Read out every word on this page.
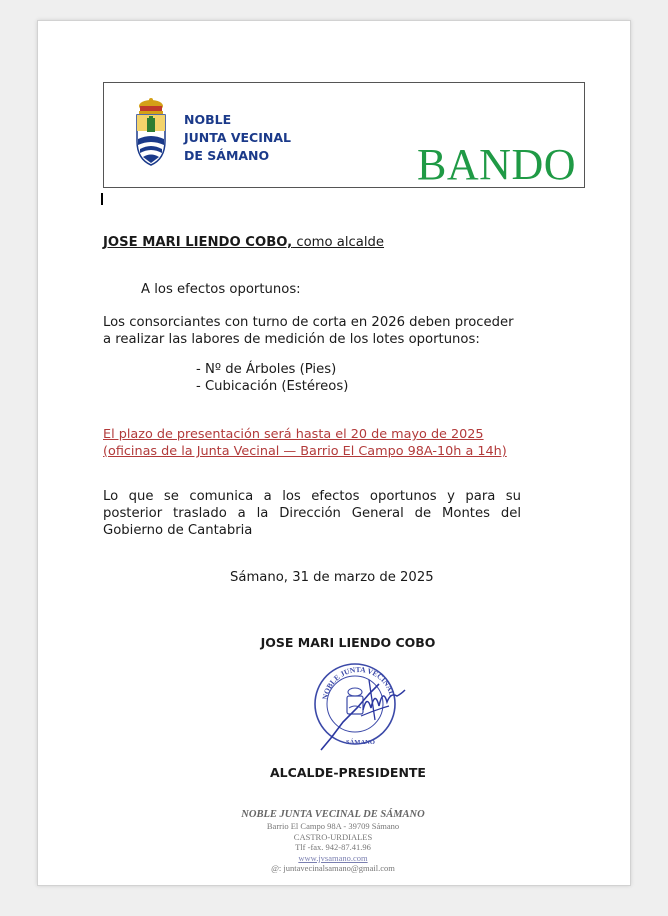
NOBLE
JUNTA VECINAL
DE SÁMANO	BANDO
JOSE MARI LIENDO COBO, como alcalde
A los efectos oportunos:
Los consorciantes con turno de corta en 2026 deben proceder a realizar las labores de medición de los lotes oportunos:
- Nº de Árboles (Pies)
- Cubicación (Estéreos)
El plazo de presentación será hasta el 20 de mayo de 2025
(oficinas de la Junta Vecinal — Barrio El Campo 98A-10h a 14h)
Lo que se comunica a los efectos oportunos y para su posterior traslado a la Dirección General de Montes del Gobierno de Cantabria
Sámano, 31 de marzo de 2025
JOSE MARI LIENDO COBO
NOBLE JUNTA VECINAL
SÁMANO
ALCALDE-PRESIDENTE
NOBLE JUNTA VECINAL DE SÁMANO
Barrio El Campo 98A - 39709 Sámano
CASTRO-URDIALES
Tlf -fax. 942-87.41.96
www.jvsamano.com
@: juntavecinalsamano@gmail.com
